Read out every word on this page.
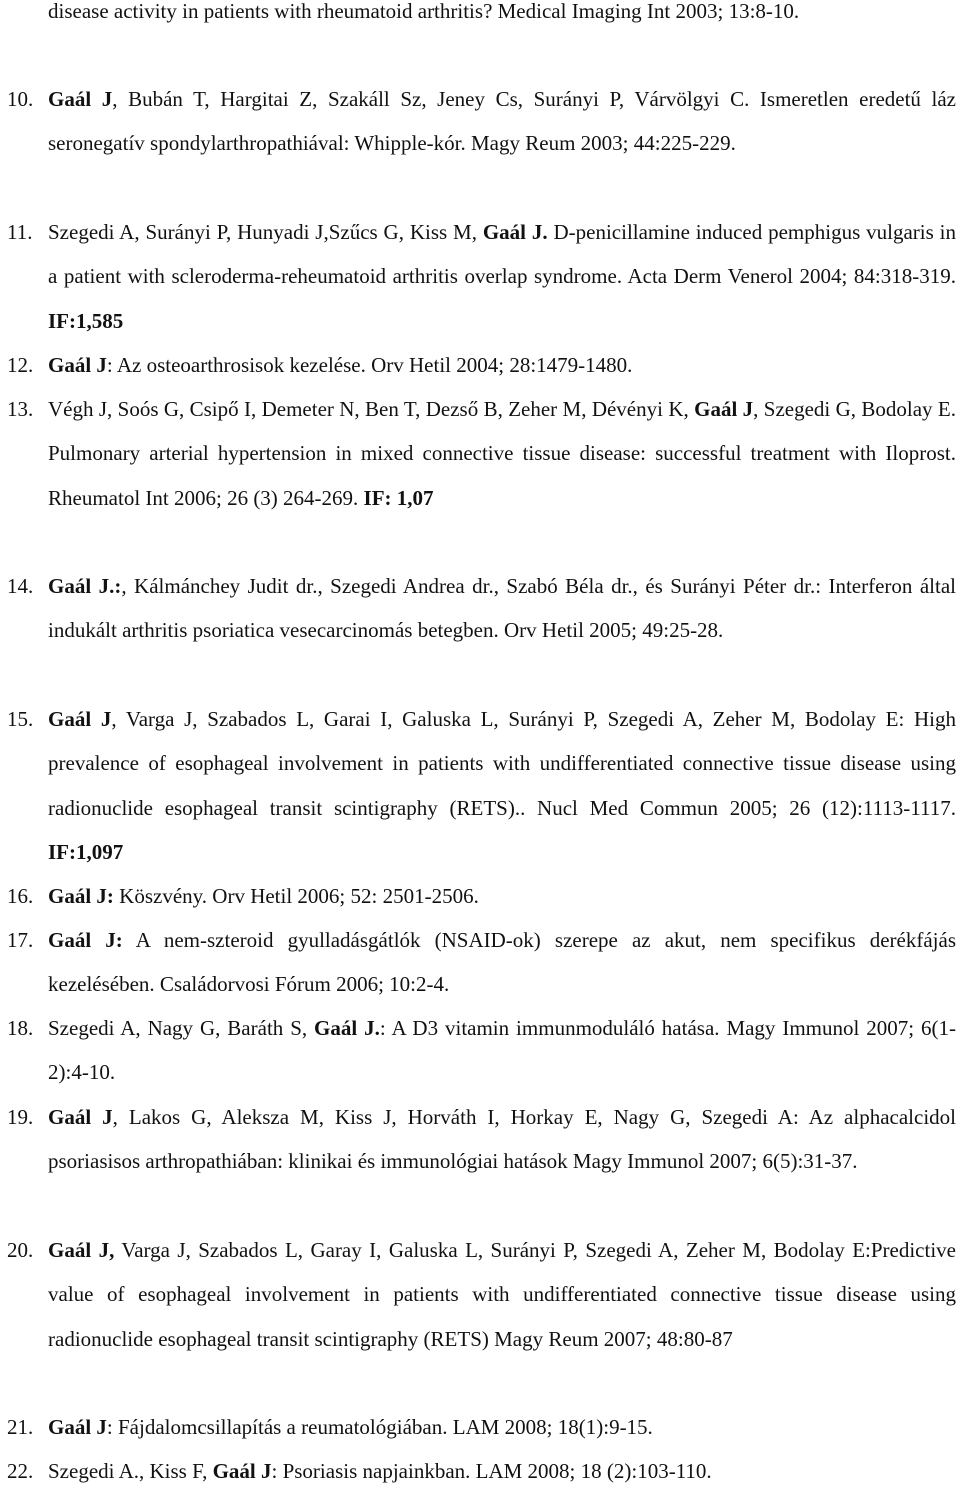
disease activity in patients with rheumatoid arthritis? Medical Imaging Int 2003; 13:8-10.
10. Gaál J, Bubán T, Hargitai Z, Szakáll Sz, Jeney Cs, Surányi P, Várvölgyi C. Ismeretlen eredetű láz seronegatív spondylarthropathiával: Whipple-kór. Magy Reum 2003; 44:225-229.
11. Szegedi A, Surányi P, Hunyadi J,Szűcs G, Kiss M, Gaál J. D-penicillamine induced pemphigus vulgaris in a patient with scleroderma-reheumatoid arthritis overlap syndrome. Acta Derm Venerol 2004; 84:318-319. IF:1,585
12. Gaál J: Az osteoarthrosisok kezelése. Orv Hetil 2004; 28:1479-1480.
13. Végh J, Soós G, Csipő I, Demeter N, Ben T, Dezső B, Zeher M, Dévényi K, Gaál J, Szegedi G, Bodolay E. Pulmonary arterial hypertension in mixed connective tissue disease: successful treatment with Iloprost. Rheumatol Int 2006; 26 (3) 264-269. IF: 1,07
14. Gaál J.:, Kálmánchey Judit dr., Szegedi Andrea dr., Szabó Béla dr., és Surányi Péter dr.: Interferon által indukált arthritis psoriatica vesecarcinomás betegben. Orv Hetil 2005; 49:25-28.
15. Gaál J, Varga J, Szabados L, Garai I, Galuska L, Surányi P, Szegedi A, Zeher M, Bodolay E: High prevalence of esophageal involvement in patients with undifferentiated connective tissue disease using radionuclide esophageal transit scintigraphy (RETS).. Nucl Med Commun 2005; 26 (12):1113-1117. IF:1,097
16. Gaál J: Köszvény. Orv Hetil 2006; 52: 2501-2506.
17. Gaál J: A nem-szteroid gyulladásgátlók (NSAID-ok) szerepe az akut, nem specifikus derékfájás kezelésében. Családorvosi Fórum 2006; 10:2-4.
18. Szegedi A, Nagy G, Baráth S, Gaál J.: A D3 vitamin immunmoduláló hatása. Magy Immunol 2007; 6(1-2):4-10.
19. Gaál J, Lakos G, Aleksza M, Kiss J, Horváth I, Horkay E, Nagy G, Szegedi A: Az alphacalcidol psoriasisos arthropathiában: klinikai és immunológiai hatások Magy Immunol 2007; 6(5):31-37.
20. Gaál J, Varga J, Szabados L, Garay I, Galuska L, Surányi P, Szegedi A, Zeher M, Bodolay E:Predictive value of esophageal involvement in patients with undifferentiated connective tissue disease using radionuclide esophageal transit scintigraphy (RETS) Magy Reum 2007; 48:80-87
21. Gaál J: Fájdalomcsillapítás a reumatológiában. LAM 2008; 18(1):9-15.
22. Szegedi A., Kiss F, Gaál J: Psoriasis napjainkban. LAM 2008; 18 (2):103-110.
